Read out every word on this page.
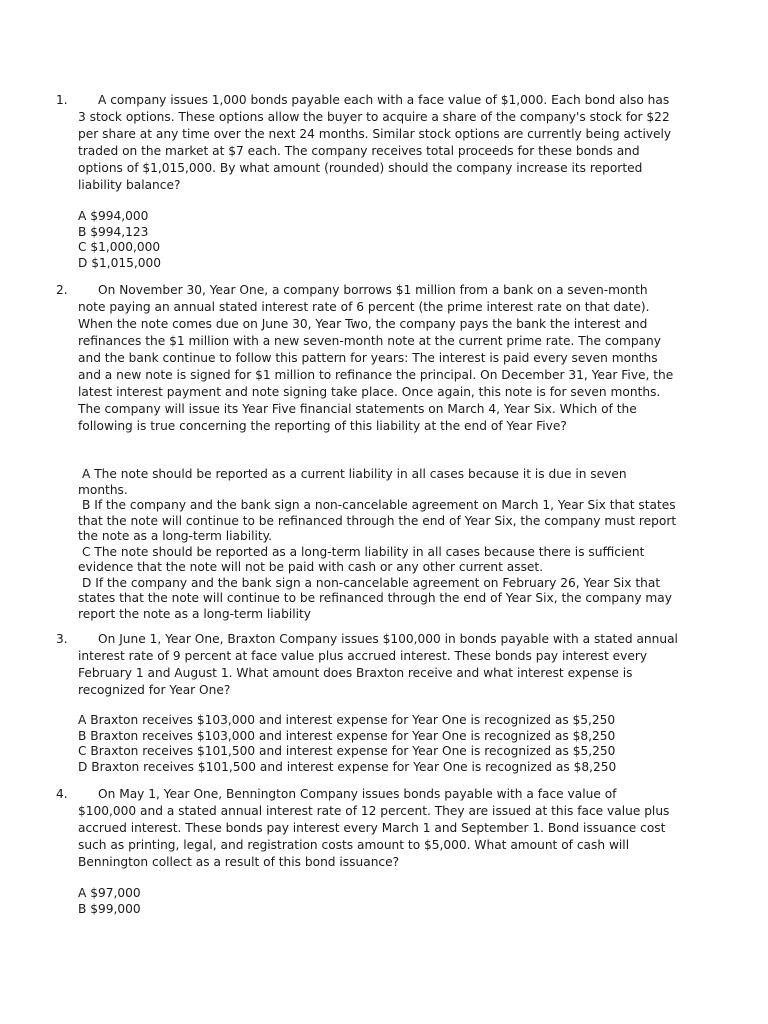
1.	A company issues 1,000 bonds payable each with a face value of $1,000. Each bond also has 3 stock options. These options allow the buyer to acquire a share of the company's stock for $22 per share at any time over the next 24 months. Similar stock options are currently being actively traded on the market at $7 each. The company receives total proceeds for these bonds and options of $1,015,000. By what amount (rounded) should the company increase its reported liability balance?
A $994,000
B $994,123
C $1,000,000
D $1,015,000
2.	On November 30, Year One, a company borrows $1 million from a bank on a seven-month note paying an annual stated interest rate of 6 percent (the prime interest rate on that date). When the note comes due on June 30, Year Two, the company pays the bank the interest and refinances the $1 million with a new seven-month note at the current prime rate. The company and the bank continue to follow this pattern for years: The interest is paid every seven months and a new note is signed for $1 million to refinance the principal. On December 31, Year Five, the latest interest payment and note signing take place. Once again, this note is for seven months. The company will issue its Year Five financial statements on March 4, Year Six. Which of the following is true concerning the reporting of this liability at the end of Year Five?
A The note should be reported as a current liability in all cases because it is due in seven months.
B If the company and the bank sign a non-cancelable agreement on March 1, Year Six that states that the note will continue to be refinanced through the end of Year Six, the company must report the note as a long-term liability.
C The note should be reported as a long-term liability in all cases because there is sufficient evidence that the note will not be paid with cash or any other current asset.
D If the company and the bank sign a non-cancelable agreement on February 26, Year Six that states that the note will continue to be refinanced through the end of Year Six, the company may report the note as a long-term liability
3.	On June 1, Year One, Braxton Company issues $100,000 in bonds payable with a stated annual interest rate of 9 percent at face value plus accrued interest. These bonds pay interest every February 1 and August 1. What amount does Braxton receive and what interest expense is recognized for Year One?
A Braxton receives $103,000 and interest expense for Year One is recognized as $5,250
B Braxton receives $103,000 and interest expense for Year One is recognized as $8,250
C Braxton receives $101,500 and interest expense for Year One is recognized as $5,250
D Braxton receives $101,500 and interest expense for Year One is recognized as $8,250
4.	On May 1, Year One, Bennington Company issues bonds payable with a face value of $100,000 and a stated annual interest rate of 12 percent. They are issued at this face value plus accrued interest. These bonds pay interest every March 1 and September 1. Bond issuance cost such as printing, legal, and registration costs amount to $5,000. What amount of cash will Bennington collect as a result of this bond issuance?
A $97,000
B $99,000
